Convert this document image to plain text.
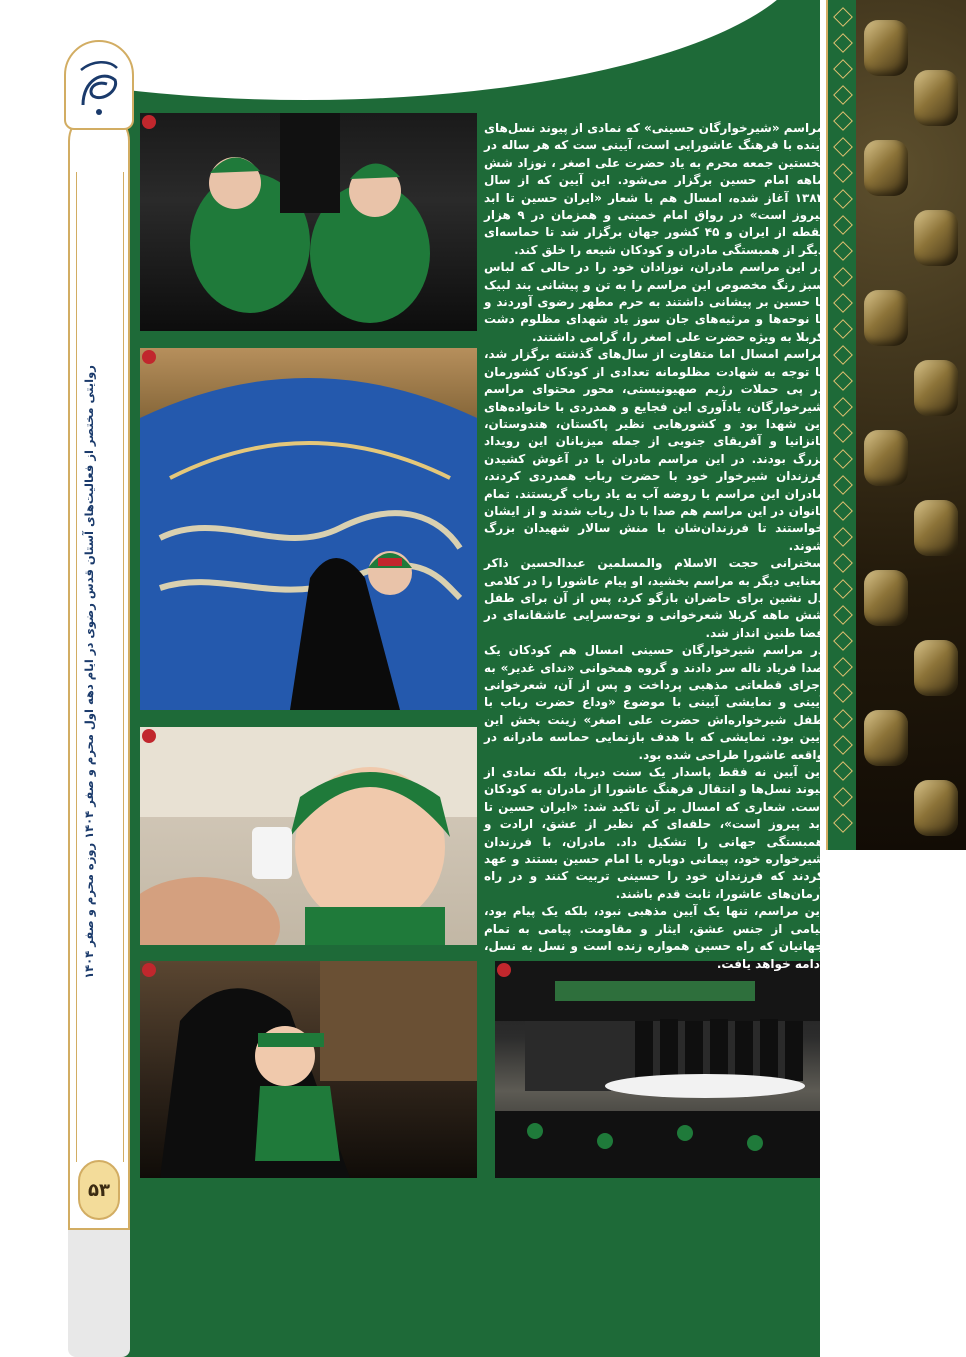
روایتی مختصر از فعالیت‌های آستان قدس رضوی در ایام دهه اول محرم و صفر ۱۴۰۴ روزه محرم و صفر ۱۴۰۴
۵۳

مراسم «شیرخوارگان حسینی» که نمادی از پیوند نسل‌های آینده با فرهنگ عاشورایی است، آیینی ست که هر ساله در نخستین جمعه محرم به یاد حضرت علی اصغر ، نوزاد شش ماهه امام حسین برگزار می‌شود. این آیین که از سال ۱۳۸۲ آغاز شده، امسال هم با شعار «ایران حسین تا ابد پیروز است» در رواق امام خمینی و همزمان در ۹ هزار نقطه از ایران و ۴۵ کشور جهان برگزار شد تا حماسه‌ای دیگر از همبستگی مادران و کودکان شیعه را خلق کند.

در این مراسم مادران، نوزادان خود را در حالی که لباس سبز رنگ مخصوص این مراسم را به تن و پیشانی بند لبیک یا حسین بر پیشانی داشتند به حرم مطهر رضوی آوردند و با نوحه‌ها و مرثیه‌های جان سوز یاد شهدای مظلوم دشت کربلا به ویژه حضرت علی اصغر را، گرامی داشتند.

مراسم امسال اما متفاوت از سال‌های گذشته برگزار شد، با توجه به شهادت مظلومانه تعدادی از کودکان کشورمان در پی حملات رژیم صهیونیستی، محور محتوای مراسم شیرخوارگان، یادآوری این فجایع و همدردی با خانواده‌های این شهدا بود و کشورهایی نظیر پاکستان، هندوستان، تانزانیا و آفریقای جنوبی از جمله میزبانان این رویداد بزرگ بودند. در این مراسم مادران با در آغوش کشیدن فرزندان شیرخوار خود با حضرت رباب همدردی کردند، مادران این مراسم با روضه آب به یاد رباب گریستند. تمام بانوان در این مراسم هم صدا با دل رباب شدند و از ایشان خواستند تا فرزندان‌شان با منش سالار شهیدان بزرگ شوند.

سخنرانی حجت الاسلام والمسلمین عبدالحسین ذاکر معنایی دیگر به مراسم بخشید، او پیام عاشورا را در کلامی دل نشین برای حاضران بازگو کرد، پس از آن برای طفل شش ماهه کربلا شعرخوانی و نوحه‌سرایی عاشقانه‌ای در فضا طنین انداز شد.

در مراسم شیرخوارگان حسینی امسال هم کودکان یک صدا فریاد ناله سر دادند و گروه همخوانی «ندای غدیر» به اجرای قطعاتی مذهبی پرداخت و پس از آن، شعرخوانی آیینی و نمایشی آیینی با موضوع «وداع حضرت رباب با طفل شیرخواره‌اش حضرت علی اصغر» زینت بخش این آیین بود. نمایشی که با هدف بازنمایی حماسه مادرانه در واقعه عاشورا طراحی شده بود.

این آیین نه فقط پاسدار یک سنت دیرپا، بلکه نمادی از پیوند نسل‌ها و انتقال فرهنگ عاشورا از مادران به کودکان است. شعاری که امسال بر آن تاکید شد: «ایران حسین تا ابد پیروز است»، حلقه‌ای کم نظیر از عشق، ارادت و همبستگی جهانی را تشکیل داد. مادران، با فرزندان شیرخواره خود، پیمانی دوباره با امام حسین بستند و عهد کردند که فرزندان خود را حسینی تربیت کنند و در راه آرمان‌های عاشورا، ثابت قدم باشند.

این مراسم، تنها یک آیین مذهبی نبود، بلکه یک پیام بود، پیامی از جنس عشق، ایثار و مقاومت. پیامی به تمام جهانیان که راه حسین همواره زنده است و نسل به نسل، ادامه خواهد یافت.
